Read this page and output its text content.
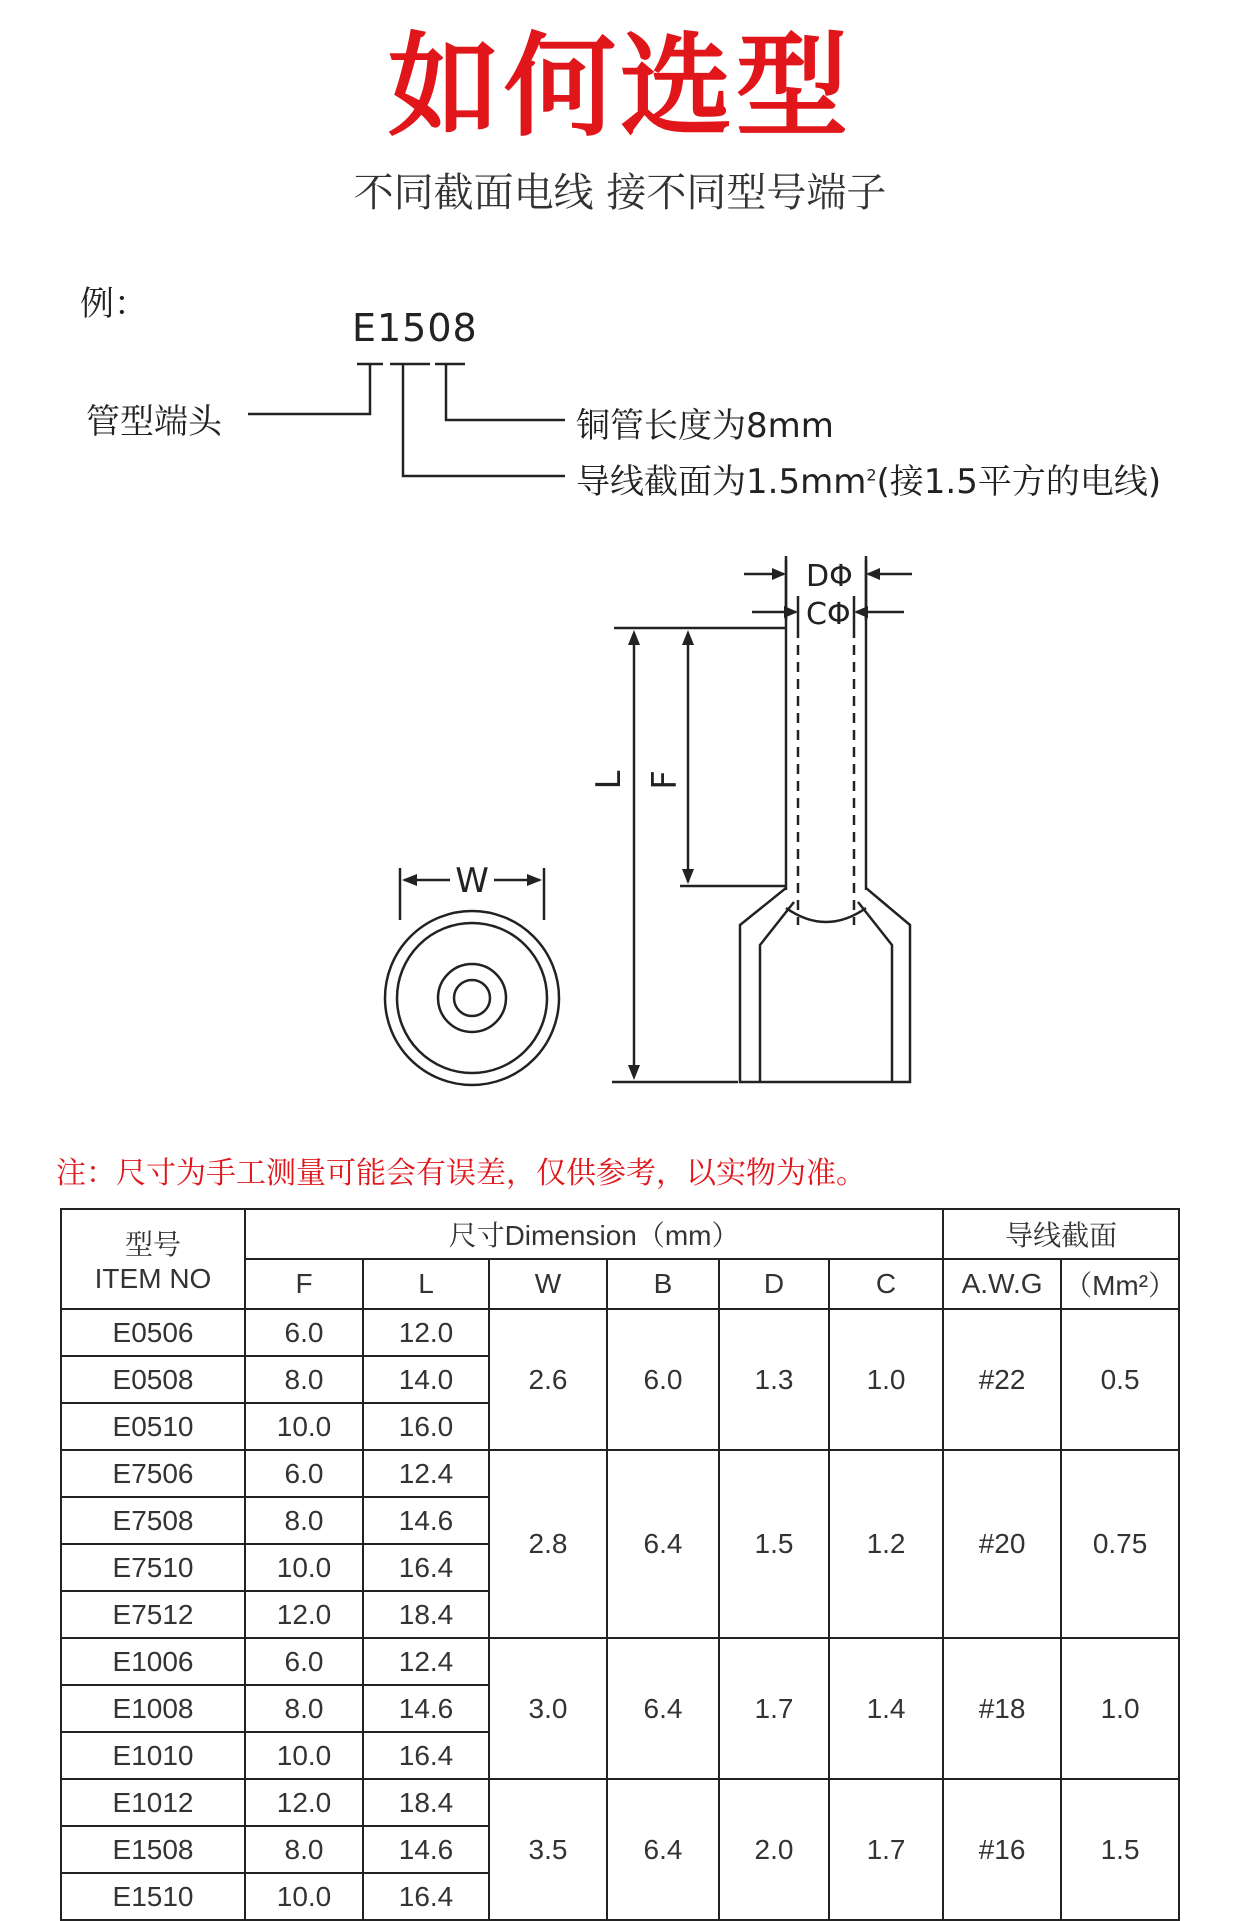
如何选型
不同截面电线 接不同型号端子
例：
E1508
管型端头	铜管长度为8mm
导线截面为$1.5mm^2$(接1.5平方的电线)
DΦ
CΦ
W
L F
注：尺寸为手工测量可能会有误差，仅供参考，以实物为准。
型号
ITEM NO	尺寸Dimension（mm）						导线截面	
	F	L	W	B	D	C	A.W.G	（Mm²）
E0506	6.0	12.0	2.6	6.0	1.3	1.0	#22	0.5
E0508	8.0	14.0						
E0510	10.0	16.0						
E7506	6.0	12.4	2.8	6.4	1.5	1.2	#20	0.75
E7508	8.0	14.6						
E7510	10.0	16.4						
E7512	12.0	18.4						
E1006	6.0	12.4	3.0	6.4	1.7	1.4	#18	1.0
E1008	8.0	14.6						
E1010	10.0	16.4						
E1012	12.0	18.4	3.5	6.4	2.0	1.7	#16	1.5
E1508	8.0	14.6						
E1510	10.0	16.4						
